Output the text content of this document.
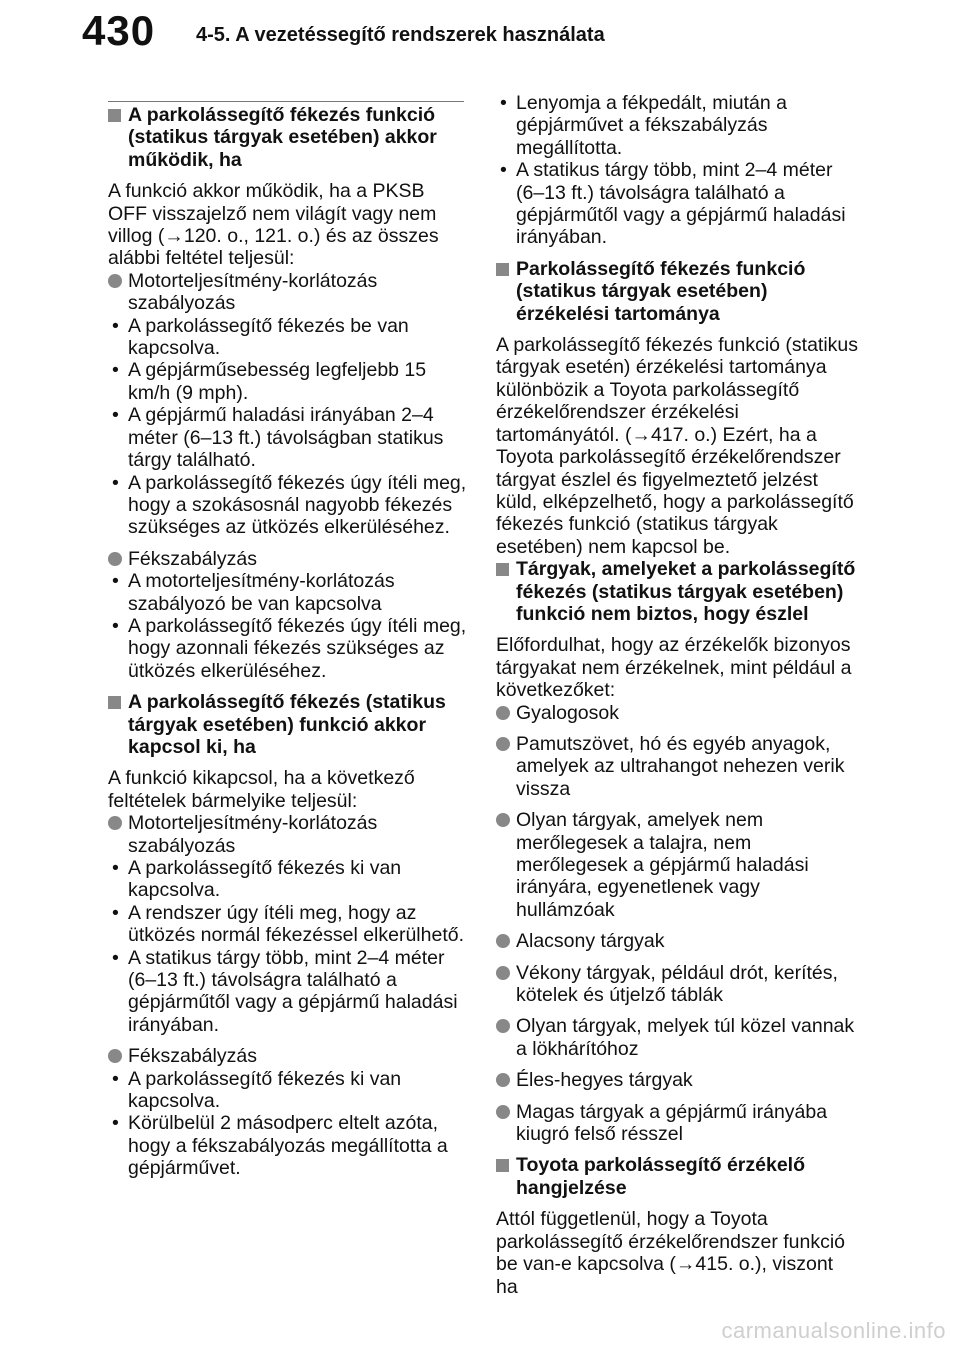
430 4-5. A vezetéssegítő rendszerek használata
A parkolássegítő fékezés funkció (statikus tárgyak esetében) akkor működik, ha
A funkció akkor működik, ha a PKSB OFF visszajelző nem világít vagy nem villog (→120. o., 121. o.) és az összes alábbi feltétel teljesül:
Motorteljesítmény-korlátozás szabályozás
• A parkolássegítő fékezés be van kapcsolva.
• A gépjárműsebesség legfeljebb 15 km/h (9 mph).
• A gépjármű haladási irányában 2–4 méter (6–13 ft.) távolságban statikus tárgy található.
• A parkolássegítő fékezés úgy ítéli meg, hogy a szokásosnál nagyobb fékezés szükséges az ütközés elkerüléséhez.
Fékszabályzás
• A motorteljesítmény-korlátozás szabályozó be van kapcsolva
• A parkolássegítő fékezés úgy ítéli meg, hogy azonnali fékezés szükséges az ütközés elkerüléséhez.
A parkolássegítő fékezés (statikus tárgyak esetében) funkció akkor kapcsol ki, ha
A funkció kikapcsol, ha a következő feltételek bármelyike teljesül:
Motorteljesítmény-korlátozás szabályozás
• A parkolássegítő fékezés ki van kapcsolva.
• A rendszer úgy ítéli meg, hogy az ütközés normál fékezéssel elkerülhető.
• A statikus tárgy több, mint 2–4 méter (6–13 ft.) távolságra található a gépjárműtől vagy a gépjármű haladási irányában.
Fékszabályzás
• A parkolássegítő fékezés ki van kapcsolva.
• Körülbelül 2 másodperc eltelt azóta, hogy a fékszabályozás megállította a gépjárművet.
• Lenyomja a fékpedált, miután a gépjárművet a fékszabályzás megállította.
• A statikus tárgy több, mint 2–4 méter (6–13 ft.) távolságra található a gépjárműtől vagy a gépjármű haladási irányában.
Parkolássegítő fékezés funkció (statikus tárgyak esetében) érzékelési tartománya
A parkolássegítő fékezés funkció (statikus tárgyak esetén) érzékelési tartománya különbözik a Toyota parkolássegítő érzékelőrendszer érzékelési tartományától. (→417. o.) Ezért, ha a Toyota parkolássegítő érzékelőrendszer tárgyat észlel és figyelmeztető jelzést küld, elképzelhető, hogy a parkolássegítő fékezés funkció (statikus tárgyak esetében) nem kapcsol be.
Tárgyak, amelyeket a parkolássegítő fékezés (statikus tárgyak esetében) funkció nem biztos, hogy észlel
Előfordulhat, hogy az érzékelők bizonyos tárgyakat nem érzékelnek, mint például a következőket:
Gyalogosok
Pamutszövet, hó és egyéb anyagok, amelyek az ultrahangot nehezen verik vissza
Olyan tárgyak, amelyek nem merőlegesek a talajra, nem merőlegesek a gépjármű haladási irányára, egyenetlenek vagy hullámzóak
Alacsony tárgyak
Vékony tárgyak, például drót, kerítés, kötelek és útjelző táblák
Olyan tárgyak, melyek túl közel vannak a lökhárítóhoz
Éles-hegyes tárgyak
Magas tárgyak a gépjármű irányába kiugró felső résszel
Toyota parkolássegítő érzékelő hangjelzése
Attól függetlenül, hogy a Toyota parkolássegítő érzékelőrendszer funkció be van-e kapcsolva (→415. o.), viszont ha
carmanualsonline.info
